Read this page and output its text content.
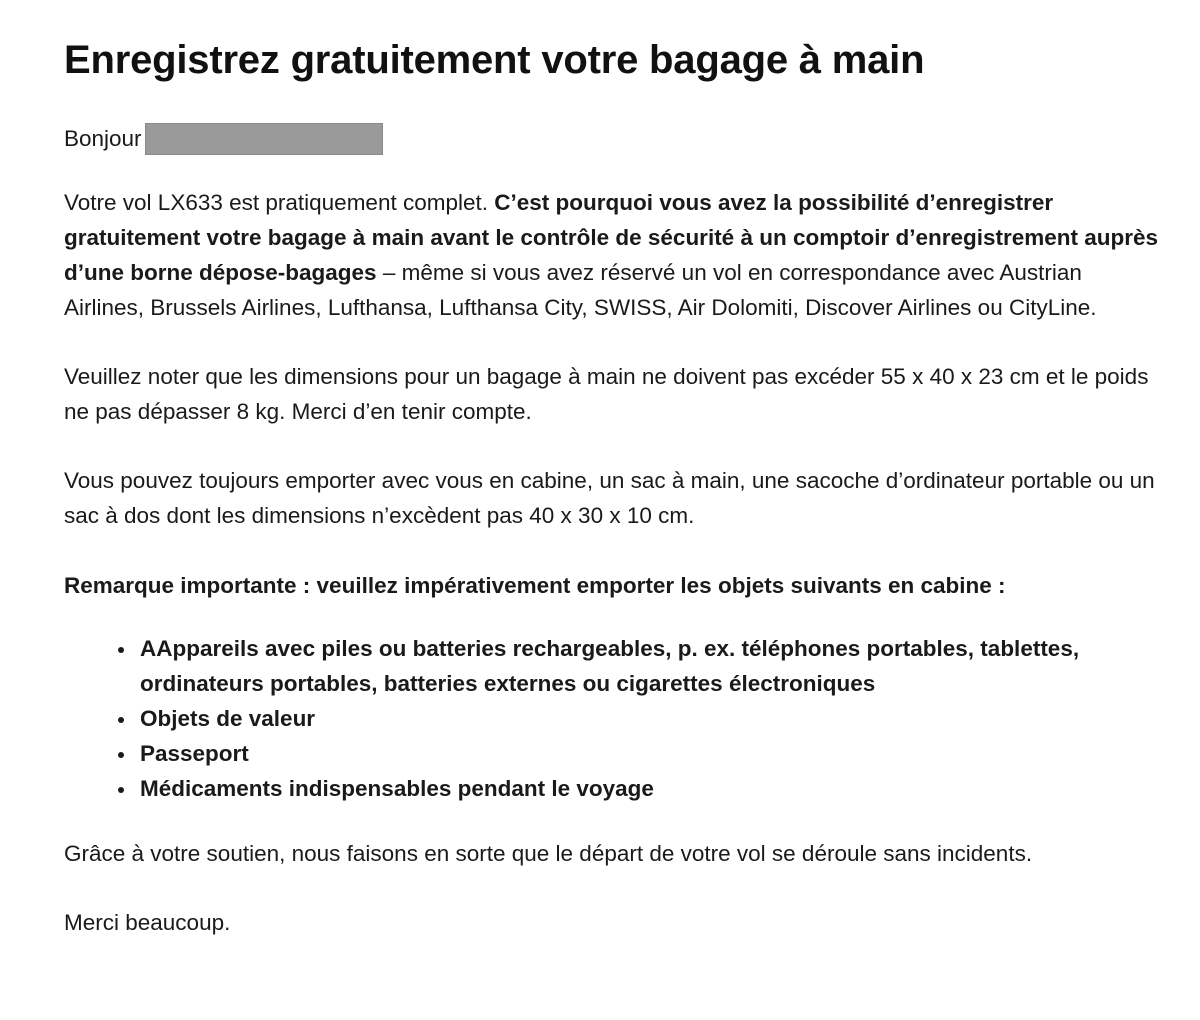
Enregistrez gratuitement votre bagage à main
Bonjour

Votre vol LX633 est pratiquement complet. C’est pourquoi vous avez la possibilité d’enregistrer gratuitement votre bagage à main avant le contrôle de sécurité à un comptoir d’enregistrement auprès d’une borne dépose-bagages – même si vous avez réservé un vol en correspondance avec Austrian Airlines, Brussels Airlines, Lufthansa, Lufthansa City, SWISS, Air Dolomiti, Discover Airlines ou CityLine.

Veuillez noter que les dimensions pour un bagage à main ne doivent pas excéder 55 x 40 x 23 cm et le poids ne pas dépasser 8 kg. Merci d’en tenir compte.

Vous pouvez toujours emporter avec vous en cabine, un sac à main, une sacoche d’ordinateur portable ou un sac à dos dont les dimensions n’excèdent pas 40 x 30 x 10 cm.

Remarque importante : veuillez impérativement emporter les objets suivants en cabine :

AAppareils avec piles ou batteries rechargeables, p. ex. téléphones portables, tablettes, ordinateurs portables, batteries externes ou cigarettes électroniques
Objets de valeur
Passeport
Médicaments indispensables pendant le voyage

Grâce à votre soutien, nous faisons en sorte que le départ de votre vol se déroule sans incidents.

Merci beaucoup.
